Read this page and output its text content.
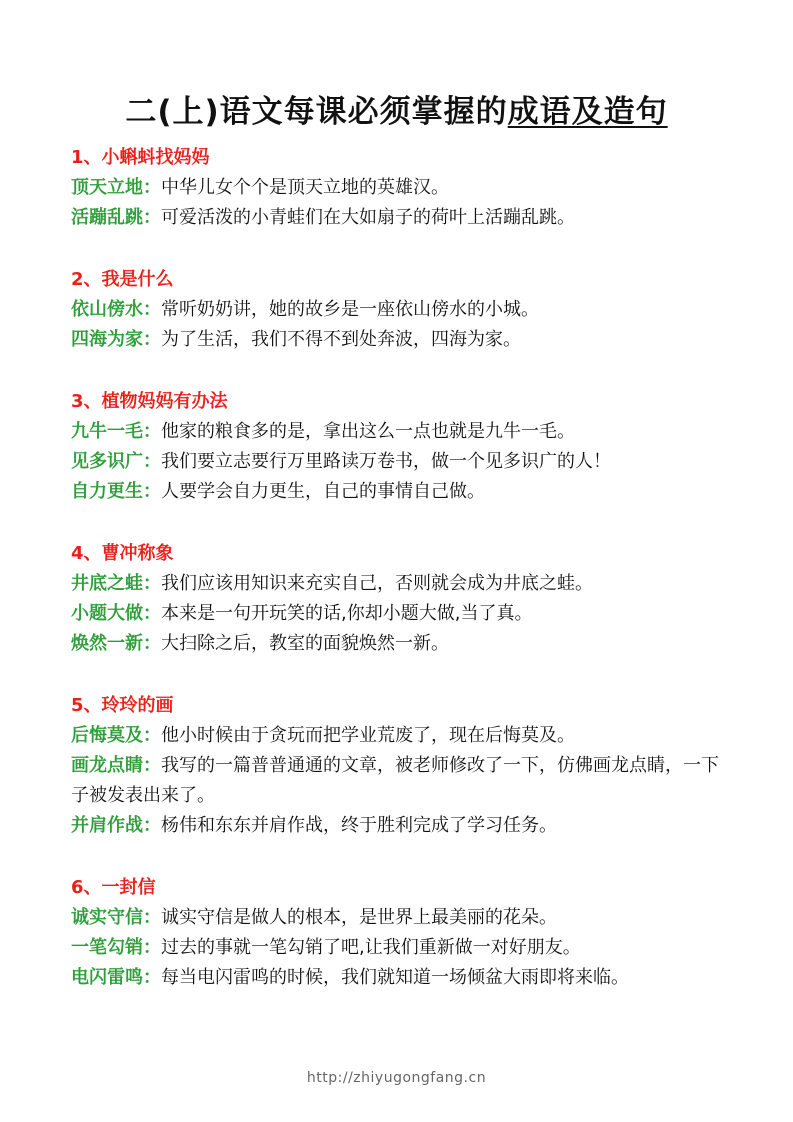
二(上)语文每课必须掌握的成语及造句
1、小蝌蚪找妈妈
顶天立地：中华儿女个个是顶天立地的英雄汉。
活蹦乱跳：可爱活泼的小青蛙们在大如扇子的荷叶上活蹦乱跳。
2、我是什么
依山傍水：常听奶奶讲，她的故乡是一座依山傍水的小城。
四海为家：为了生活，我们不得不到处奔波，四海为家。
3、植物妈妈有办法
九牛一毛：他家的粮食多的是，拿出这么一点也就是九牛一毛。
见多识广：我们要立志要行万里路读万卷书，做一个见多识广的人！
自力更生：人要学会自力更生，自己的事情自己做。
4、曹冲称象
井底之蛙：我们应该用知识来充实自己，否则就会成为井底之蛙。
小题大做：本来是一句开玩笑的话,你却小题大做,当了真。
焕然一新：大扫除之后，教室的面貌焕然一新。
5、玲玲的画
后悔莫及：他小时候由于贪玩而把学业荒废了，现在后悔莫及。
画龙点睛：我写的一篇普普通通的文章，被老师修改了一下，仿佛画龙点睛，一下子被发表出来了。
并肩作战：杨伟和东东并肩作战，终于胜利完成了学习任务。
6、一封信
诚实守信：诚实守信是做人的根本，是世界上最美丽的花朵。
一笔勾销：过去的事就一笔勾销了吧,让我们重新做一对好朋友。
电闪雷鸣：每当电闪雷鸣的时候，我们就知道一场倾盆大雨即将来临。
http://zhiyugongfang.cn
